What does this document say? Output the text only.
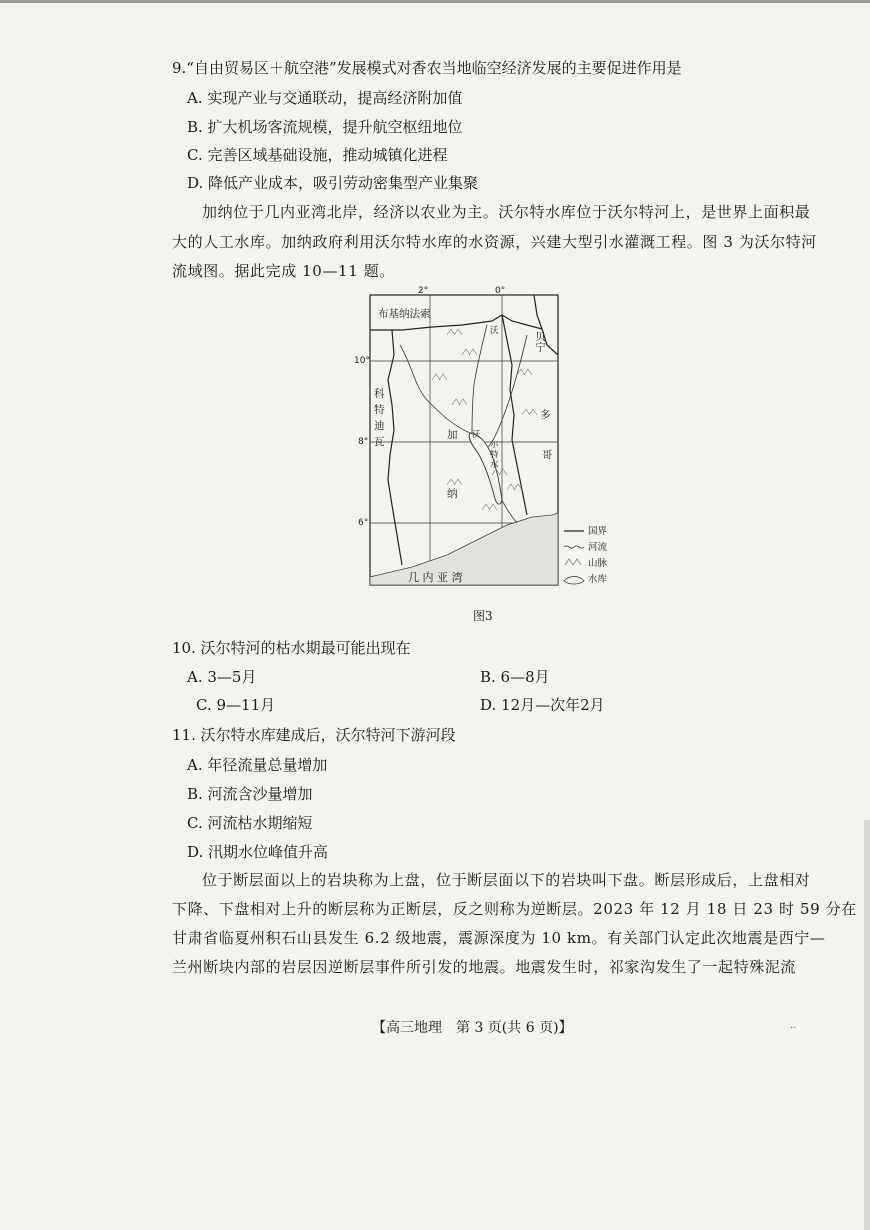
9.“自由贸易区＋航空港”发展模式对香农当地临空经济发展的主要促进作用是
A. 实现产业与交通联动，提高经济附加值
B. 扩大机场客流规模，提升航空枢纽地位
C. 完善区域基础设施，推动城镇化进程
D. 降低产业成本，吸引劳动密集型产业集聚
加纳位于几内亚湾北岸，经济以农业为主。沃尔特水库位于沃尔特河上，是世界上面积最
大的人工水库。加纳政府利用沃尔特水库的水资源，兴建大型引水灌溉工程。图 3 为沃尔特河
流域图。据此完成 10—11 题。
2°	0°
10°
8°
6°
布基纳法索
贝宁
多
哥
科
特
迪
瓦
加
纳
几 内 亚 湾
沃
沃
尔
特
水
国界
河流
山脉
水库
图3
10. 沃尔特河的枯水期最可能出现在
A. 3—5月	B. 6—8月
C. 9—11月	D. 12月—次年2月
11. 沃尔特水库建成后，沃尔特河下游河段
A. 年径流量总量增加
B. 河流含沙量增加
C. 河流枯水期缩短
D. 汛期水位峰值升高
位于断层面以上的岩块称为上盘，位于断层面以下的岩块叫下盘。断层形成后，上盘相对
下降、下盘相对上升的断层称为正断层，反之则称为逆断层。2023 年 12 月 18 日 23 时 59 分在
甘肃省临夏州积石山县发生 6.2 级地震，震源深度为 10 km。有关部门认定此次地震是西宁—
兰州断块内部的岩层因逆断层事件所引发的地震。地震发生时，祁家沟发生了一起特殊泥流
【高三地理　第 3 页(共 6 页)】	..
